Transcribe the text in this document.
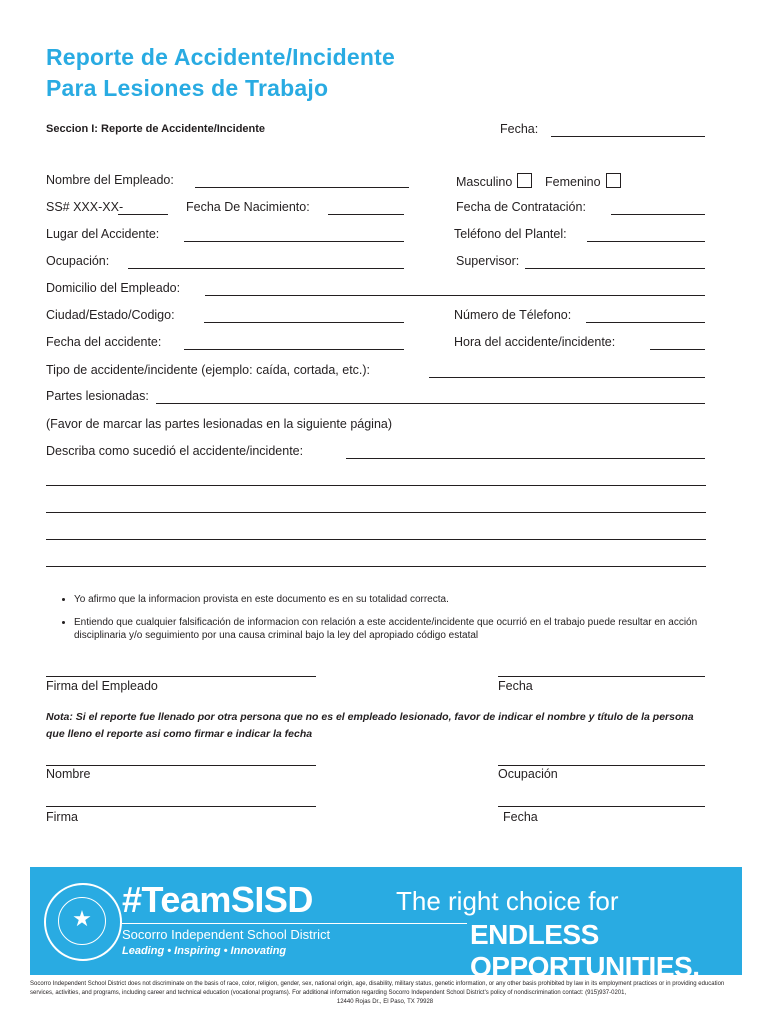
Reporte de Accidente/Incidente
Para Lesiones de Trabajo
Seccion I: Reporte de Accidente/Incidente	Fecha:
Nombre del Empleado:	Masculino	Femenino
SS# XXX-XX-	Fecha De Nacimiento:	Fecha de Contratación:
Lugar del Accidente:	Teléfono del Plantel:
Ocupación:	Supervisor:
Domicilio del Empleado:
Ciudad/Estado/Codigo:	Número de Télefono:
Fecha del accidente:	Hora del accidente/incidente:
Tipo de accidente/incidente (ejemplo: caída, cortada, etc.):
Partes lesionadas:
(Favor de marcar las partes lesionadas en la siguiente página)
Describa como sucedió el accidente/incidente:
• Yo afirmo que la informacion provista en este documento es en su totalidad correcta.
• Entiendo que cualquier falsificación de informacion con relación a este accidente/incidente que ocurrió en el trabajo puede resultar en acción disciplinaria y/o seguimiento por una causa criminal bajo la ley del apropiado código estatal
Firma del Empleado	Fecha
Nota: Si el reporte fue llenado por otra persona que no es el empleado lesionado, favor de indicar el nombre y título de la persona que lleno el reporte asi como firmar e indicar la fecha
Nombre	Ocupación
Firma	Fecha
★ #TeamSISD
Socorro Independent School District
Leading • Inspiring • Innovating
The right choice for
ENDLESS OPPORTUNITIES.
Socorro Independent School District does not discriminate on the basis of race, color, religion, gender, sex, national origin, age, disability, military status, genetic information, or any other basis prohibited by law in its employment practices or in providing education services, activities, and programs, including career and technical education (vocational programs). For additional information regarding Socorro Independent School District's policy of nondiscrimination contact: (915)937-0201,
12440 Rojas Dr., El Paso, TX 79928
